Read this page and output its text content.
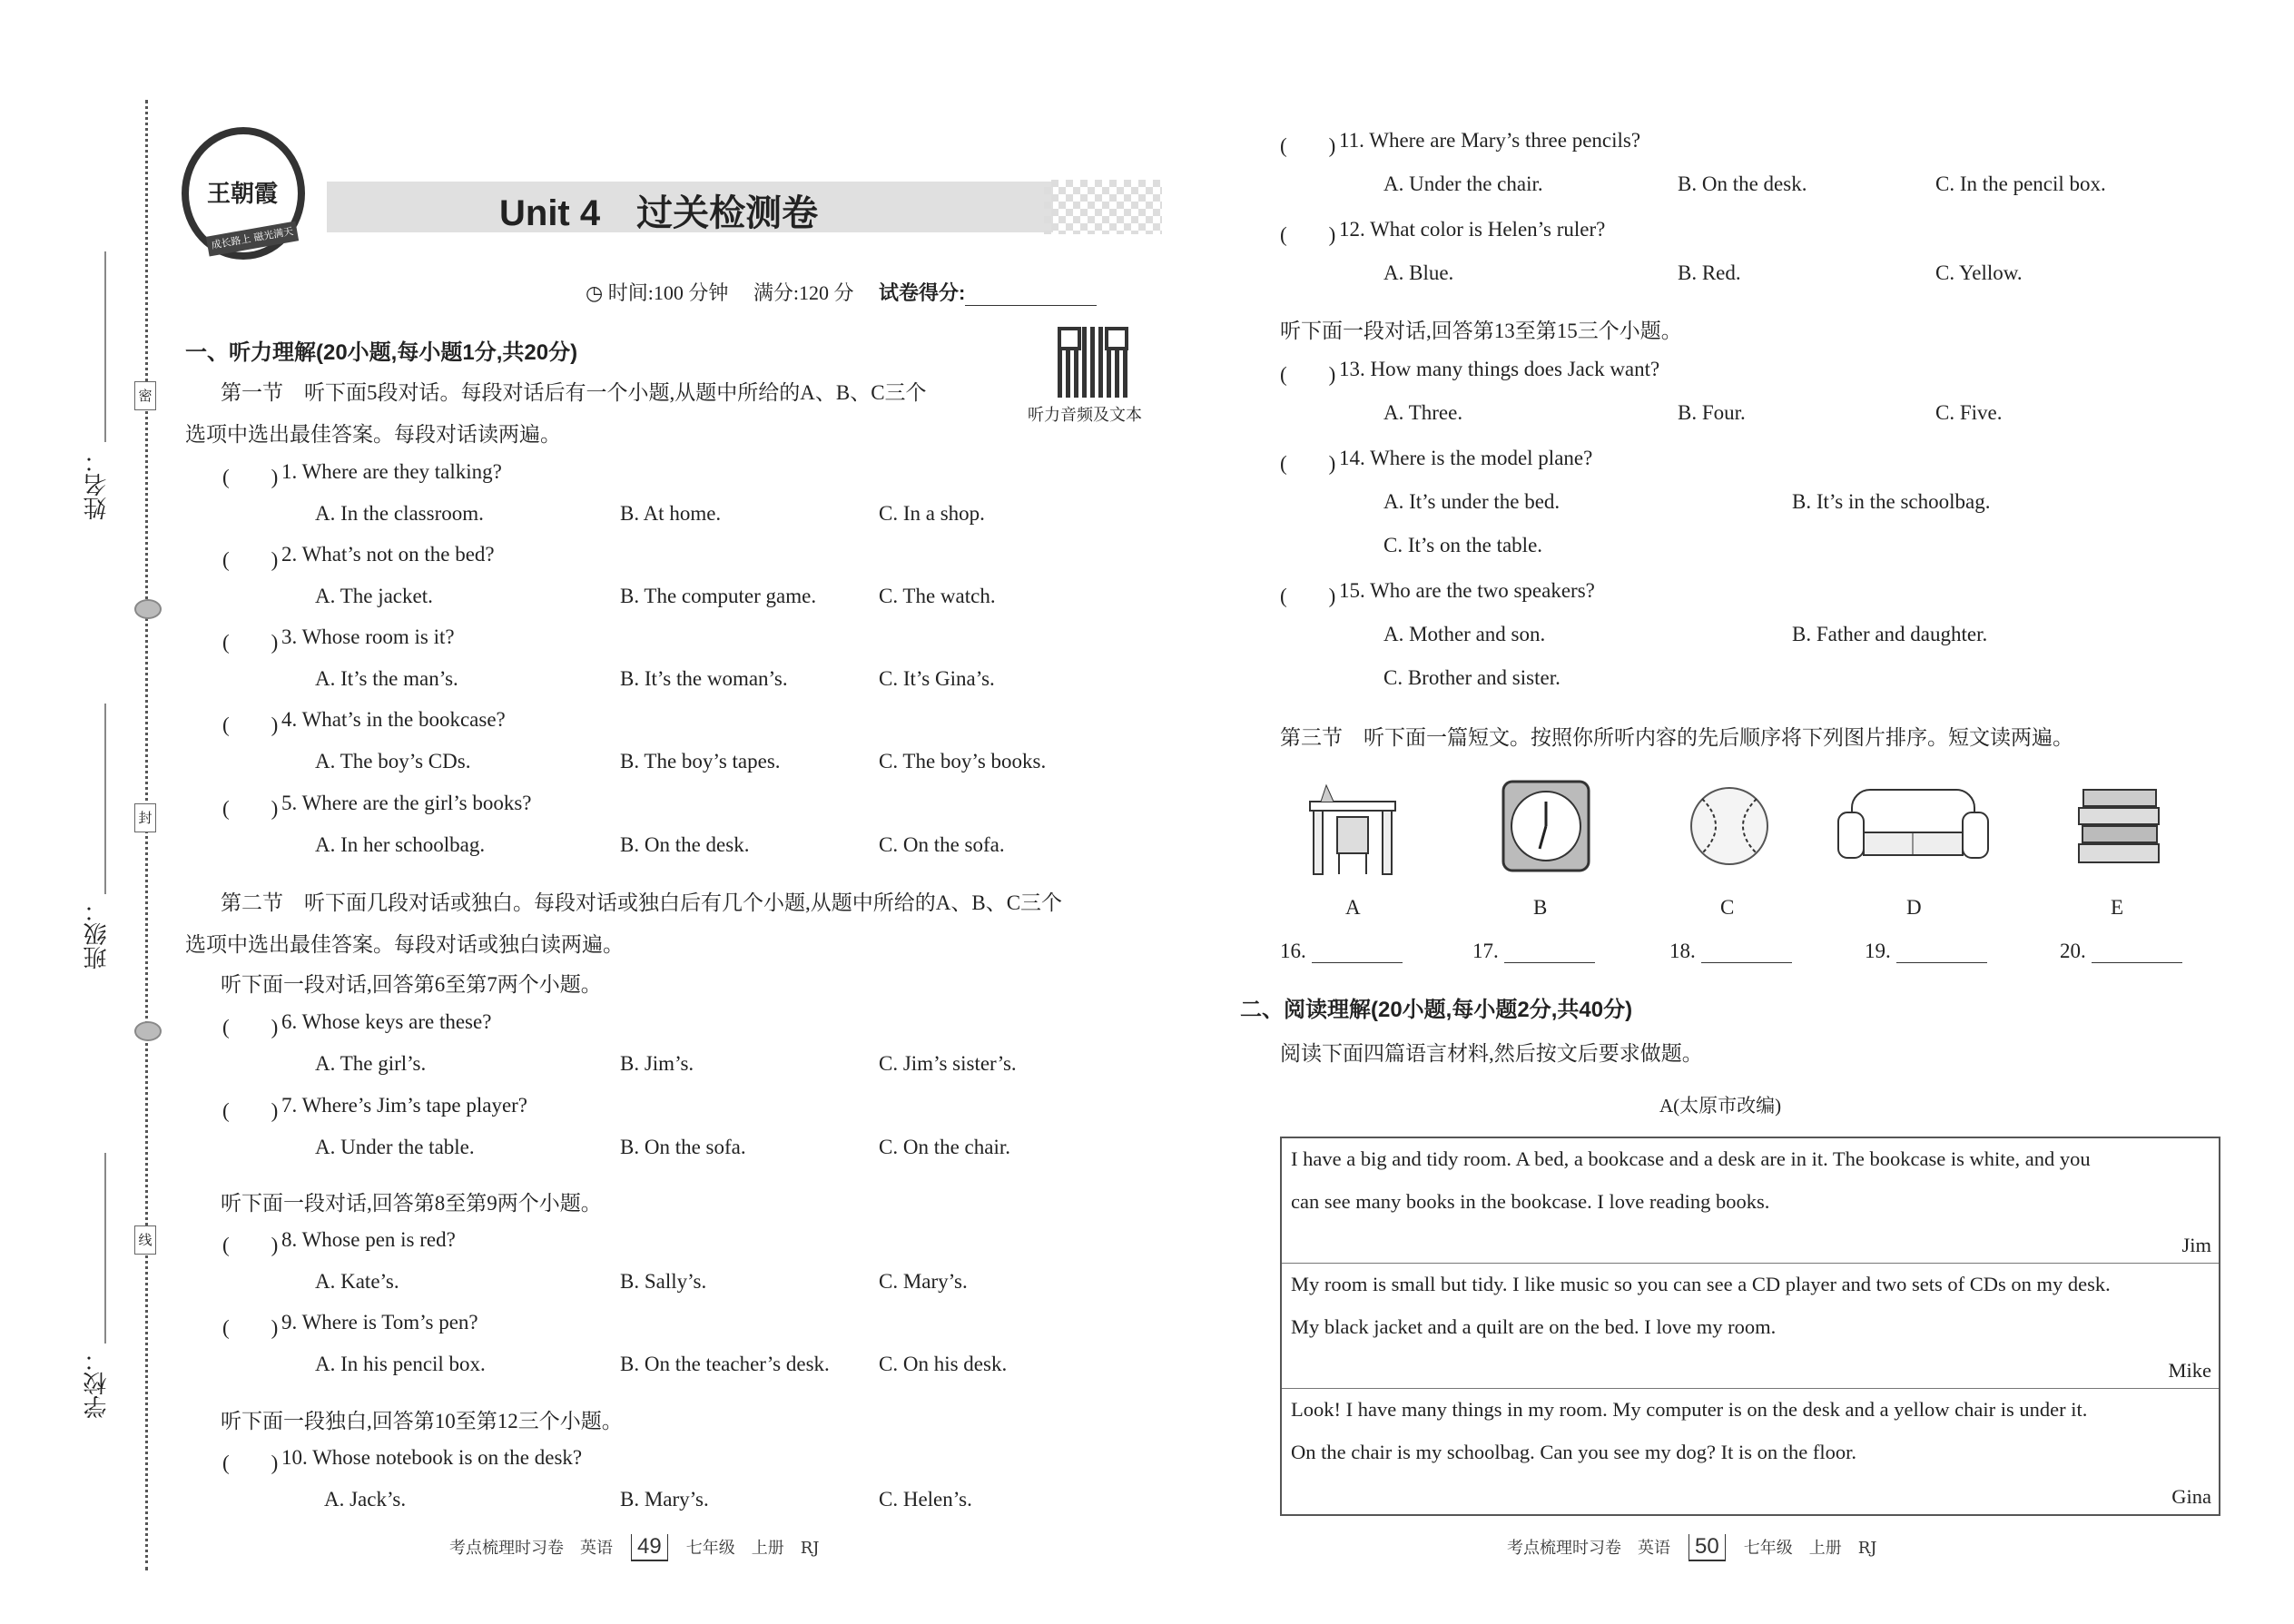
姓名：
班级：
学校：
密
封
线
王朝霞
成长路上 磁光满天
Unit 4　过关检测卷
◷ 时间:100 分钟　 满分:120 分　 试卷得分:
听力音频及文本
一、听力理解(20小题,每小题1分,共20分)
第一节　听下面5段对话。每段对话后有一个小题,从题中所给的A、B、C三个
选项中选出最佳答案。每段对话读两遍。
(　　) 1. Where are they talking?
A. In the classroom.	B. At home.	C. In a shop.
(　　) 2. What’s not on the bed?
A. The jacket.	B. The computer game.	C. The watch.
(　　) 3. Whose room is it?
A. It’s the man’s.	B. It’s the woman’s.	C. It’s Gina’s.
(　　) 4. What’s in the bookcase?
A. The boy’s CDs.	B. The boy’s tapes.	C. The boy’s books.
(　　) 5. Where are the girl’s books?
A. In her schoolbag.	B. On the desk.	C. On the sofa.
(　　) 6. Whose keys are these?
A. The girl’s.	B. Jim’s.	C. Jim’s sister’s.
(　　) 7. Where’s Jim’s tape player?
A. Under the table.	B. On the sofa.	C. On the chair.
(　　) 8. Whose pen is red?
A. Kate’s.	B. Sally’s.	C. Mary’s.
(　　) 9. Where is Tom’s pen?
A. In his pencil box.	B. On the teacher’s desk. C. On his desk.
(　　) 10. Whose notebook is on the desk?
A. Jack’s.	B. Mary’s.	C. Helen’s.
(　　) 11. Where are Mary’s three pencils?
A. Under the chair.	B. On the desk.	C. In the pencil box.
(　　) 12. What color is Helen’s ruler?
A. Blue.	B. Red.	C. Yellow.
(　　) 13. How many things does Jack want?
A. Three.	B. Four.	C. Five.
(　　) 14. Where is the model plane?
A. It’s under the bed.	B. It’s in the schoolbag.
C. It’s on the table.
(　　) 15. Who are the two speakers?
A. Mother and son.	B. Father and daughter.
C. Brother and sister.
第二节　听下面几段对话或独白。每段对话或独白后有几个小题,从题中所给的A、B、C三个
选项中选出最佳答案。每段对话或独白读两遍。
听下面一段对话,回答第6至第7两个小题。
听下面一段对话,回答第8至第9两个小题。
听下面一段独白,回答第10至第12三个小题。
听下面一段对话,回答第13至第15三个小题。
第三节　听下面一篇短文。按照你所听内容的先后顺序将下列图片排序。短文读两遍。
A	B	C	D	E
16.	17.	18.	19.	20.
二、阅读理解(20小题,每小题2分,共40分)
阅读下面四篇语言材料,然后按文后要求做题。
A(太原市改编)
I have a big and tidy room. A bed, a bookcase and a desk are in it. The bookcase is white, and you
can see many books in the bookcase. I love reading books.
Jim
My room is small but tidy. I like music so you can see a CD player and two sets of CDs on my desk.
My black jacket and a quilt are on the bed. I love my room.
Mike
Look! I have many things in my room. My computer is on the desk and a yellow chair is under it.
On the chair is my schoolbag. Can you see my dog? It is on the floor.
Gina
考点梳理时习卷　英语 49 七年级　上册　RJ	考点梳理时习卷　英语 50 七年级　上册　RJ
